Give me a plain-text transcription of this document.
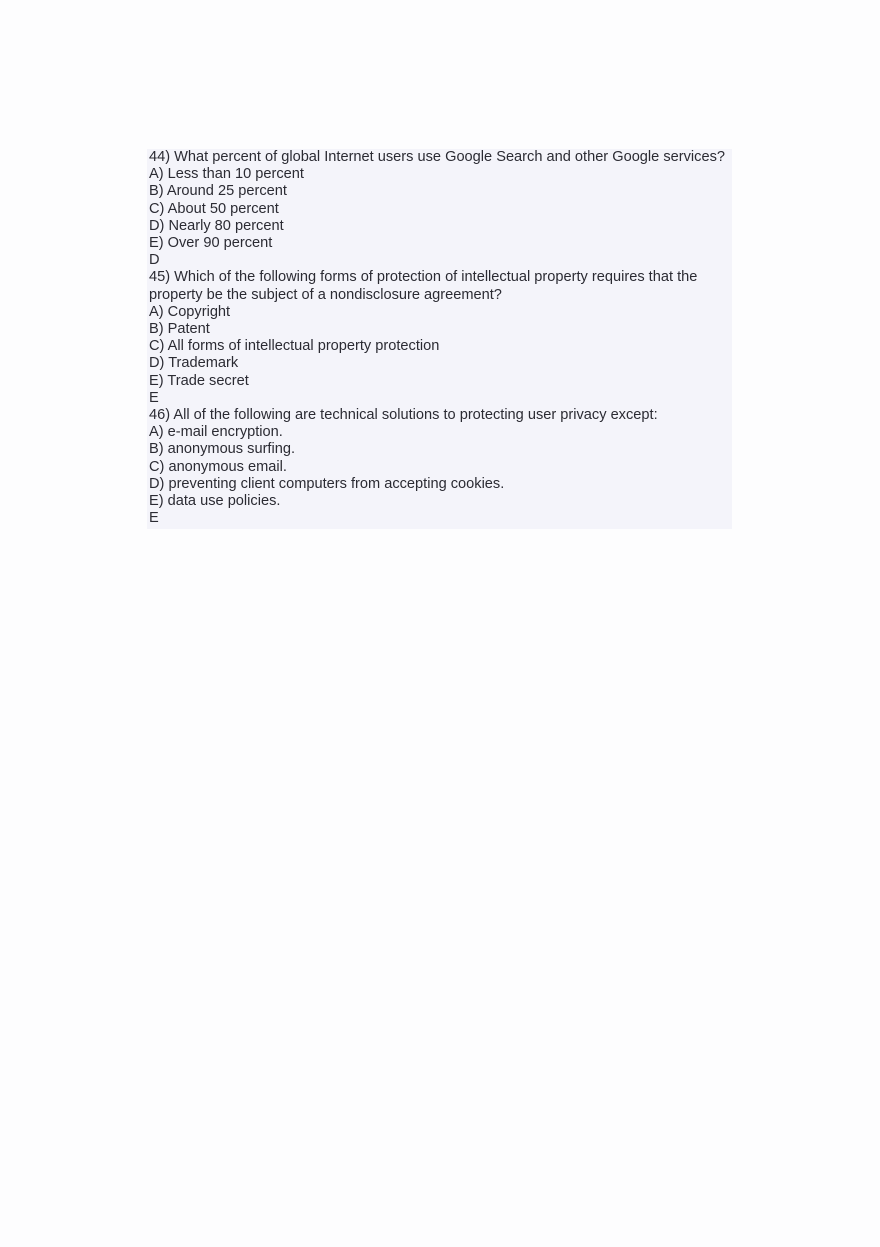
44) What percent of global Internet users use Google Search and other Google services?
A) Less than 10 percent
B) Around 25 percent
C) About 50 percent
D) Nearly 80 percent
E) Over 90 percent
D
45) Which of the following forms of protection of intellectual property requires that the property be the subject of a nondisclosure agreement?
A) Copyright
B) Patent
C) All forms of intellectual property protection
D) Trademark
E) Trade secret
E
46) All of the following are technical solutions to protecting user privacy except:
A) e-mail encryption.
B) anonymous surfing.
C) anonymous email.
D) preventing client computers from accepting cookies.
E) data use policies.
E
